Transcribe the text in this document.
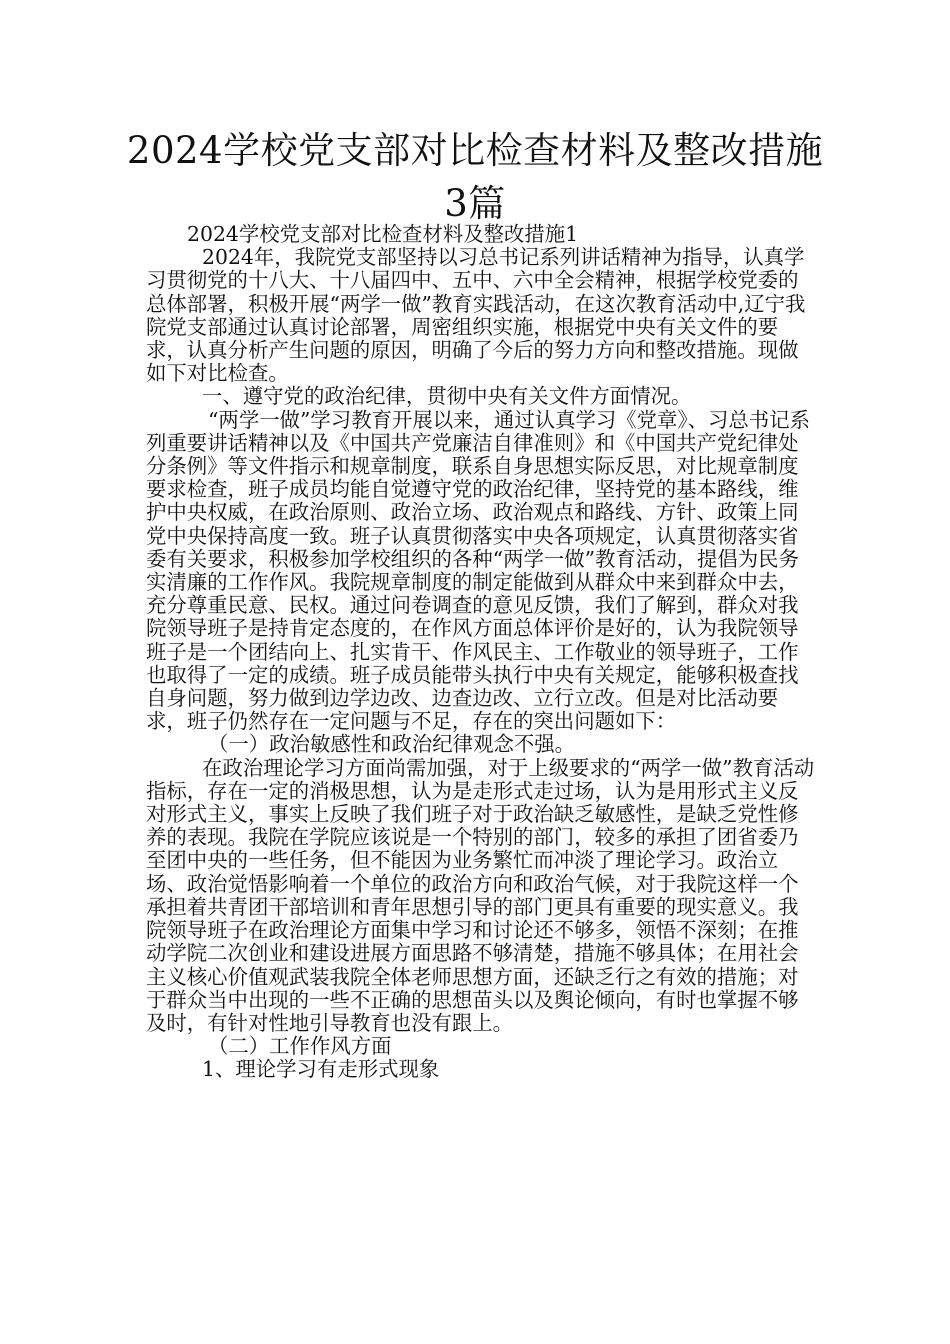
2024学校党支部对比检查材料及整改措施
3篇

2024学校党支部对比检查材料及整改措施1

2024年，我院党支部坚持以习总书记系列讲话精神为指导，认真学习贯彻党的十八大、十八届四中、五中、六中全会精神，根据学校党委的总体部署，积极开展“两学一做”教育实践活动，在这次教育活动中,辽宁我院党支部通过认真讨论部署，周密组织实施，根据党中央有关文件的要求，认真分析产生问题的原因，明确了今后的努力方向和整改措施。现做如下对比检查。

一、遵守党的政治纪律，贯彻中央有关文件方面情况。

“两学一做”学习教育开展以来，通过认真学习《党章》、习总书记系列重要讲话精神以及《中国共产党廉洁自律准则》和《中国共产党纪律处分条例》等文件指示和规章制度，联系自身思想实际反思，对比规章制度要求检查，班子成员均能自觉遵守党的政治纪律，坚持党的基本路线，维护中央权威，在政治原则、政治立场、政治观点和路线、方针、政策上同党中央保持高度一致。班子认真贯彻落实中央各项规定，认真贯彻落实省委有关要求，积极参加学校组织的各种“两学一做”教育活动，提倡为民务实清廉的工作作风。我院规章制度的制定能做到从群众中来到群众中去，充分尊重民意、民权。通过问卷调查的意见反馈，我们了解到，群众对我院领导班子是持肯定态度的，在作风方面总体评价是好的，认为我院领导班子是一个团结向上、扎实肯干、作风民主、工作敬业的领导班子，工作也取得了一定的成绩。班子成员能带头执行中央有关规定，能够积极查找自身问题，努力做到边学边改、边查边改、立行立改。但是对比活动要求，班子仍然存在一定问题与不足，存在的突出问题如下：

（一）政治敏感性和政治纪律观念不强。

在政治理论学习方面尚需加强，对于上级要求的“两学一做”教育活动指标，存在一定的消极思想，认为是走形式走过场，认为是用形式主义反对形式主义，事实上反映了我们班子对于政治缺乏敏感性，是缺乏党性修养的表现。我院在学院应该说是一个特别的部门，较多的承担了团省委乃至团中央的一些任务，但不能因为业务繁忙而冲淡了理论学习。政治立场、政治觉悟影响着一个单位的政治方向和政治气候，对于我院这样一个承担着共青团干部培训和青年思想引导的部门更具有重要的现实意义。我院领导班子在政治理论方面集中学习和讨论还不够多，领悟不深刻；在推动学院二次创业和建设进展方面思路不够清楚，措施不够具体；在用社会主义核心价值观武装我院全体老师思想方面，还缺乏行之有效的措施；对于群众当中出现的一些不正确的思想苗头以及舆论倾向，有时也掌握不够及时，有针对性地引导教育也没有跟上。

（二）工作作风方面

1、理论学习有走形式现象
